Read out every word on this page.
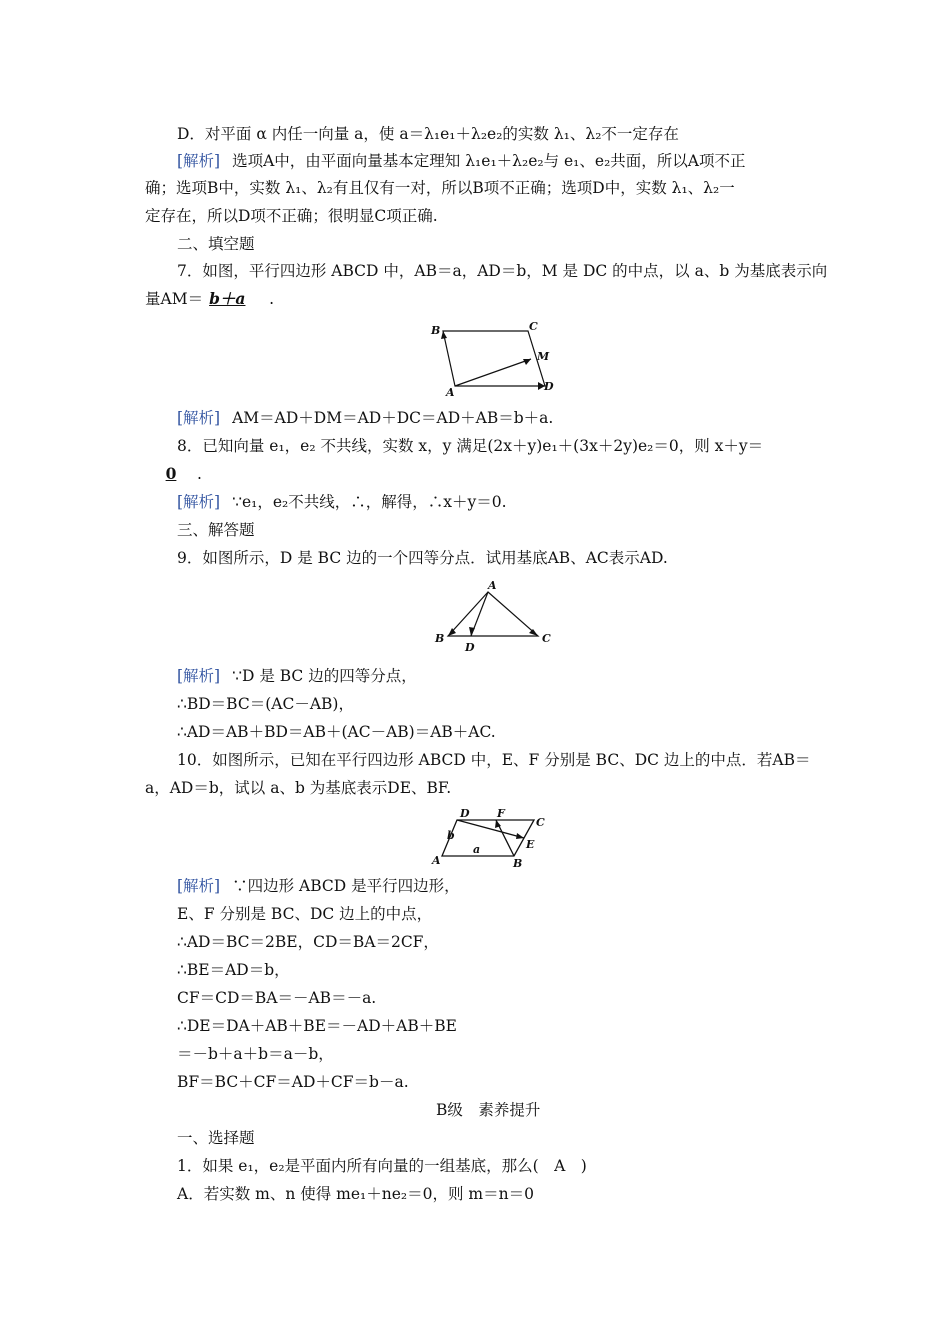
D．对平面 α 内任一向量 a，使 a＝λ₁e₁＋λ₂e₂的实数 λ₁、λ₂不一定存在
[解析] 选项A中，由平面向量基本定理知 λ₁e₁＋λ₂e₂与 e₁、e₂共面，所以A项不正
确；选项B中，实数 λ₁、λ₂有且仅有一对，所以B项不正确；选项D中，实数 λ₁、λ₂一
定存在，所以D项不正确；很明显C项正确.
二、填空题
7．如图，平行四边形 ABCD 中，AB＝a，AD＝b，M 是 DC 的中点，以 a、b 为基底表示向
量AM＝ b＋a .
B	C
M
A	D
[解析] AM＝AD＋DM＝AD＋DC＝AD＋AB＝b＋a.
8．已知向量 e₁，e₂ 不共线，实数 x，y 满足(2x＋y)e₁＋(3x＋2y)e₂＝0，则 x＋y＝
0 .
[解析] ∵e₁，e₂不共线，∴，解得，∴x＋y＝0.
三、解答题
9．如图所示，D 是 BC 边的一个四等分点．试用基底AB、AC表示AD.
A
B
D
C
[解析] ∵D 是 BC 边的四等分点，
∴BD＝BC＝(AC－AB)，
∴AD＝AB＋BD＝AB＋(AC－AB)＝AB＋AC.
10．如图所示，已知在平行四边形 ABCD 中，E、F 分别是 BC、DC 边上的中点．若AB＝
a，AD＝b，试以 a、b 为基底表示DE、BF.
D F
C
b
E
a
A	B
[解析] ∵四边形 ABCD 是平行四边形，
E、F 分别是 BC、DC 边上的中点，
∴AD＝BC＝2BE，CD＝BA＝2CF，
∴BE＝AD＝b，
CF＝CD＝BA＝－AB＝－a.
∴DE＝DA＋AB＋BE＝－AD＋AB＋BE
＝－b＋a＋b＝a－b，
BF＝BC＋CF＝AD＋CF＝b－a.
B级　素养提升
一、选择题
1．如果 e₁，e₂是平面内所有向量的一组基底，那么(　A　)
A．若实数 m、n 使得 me₁＋ne₂＝0，则 m＝n＝0
